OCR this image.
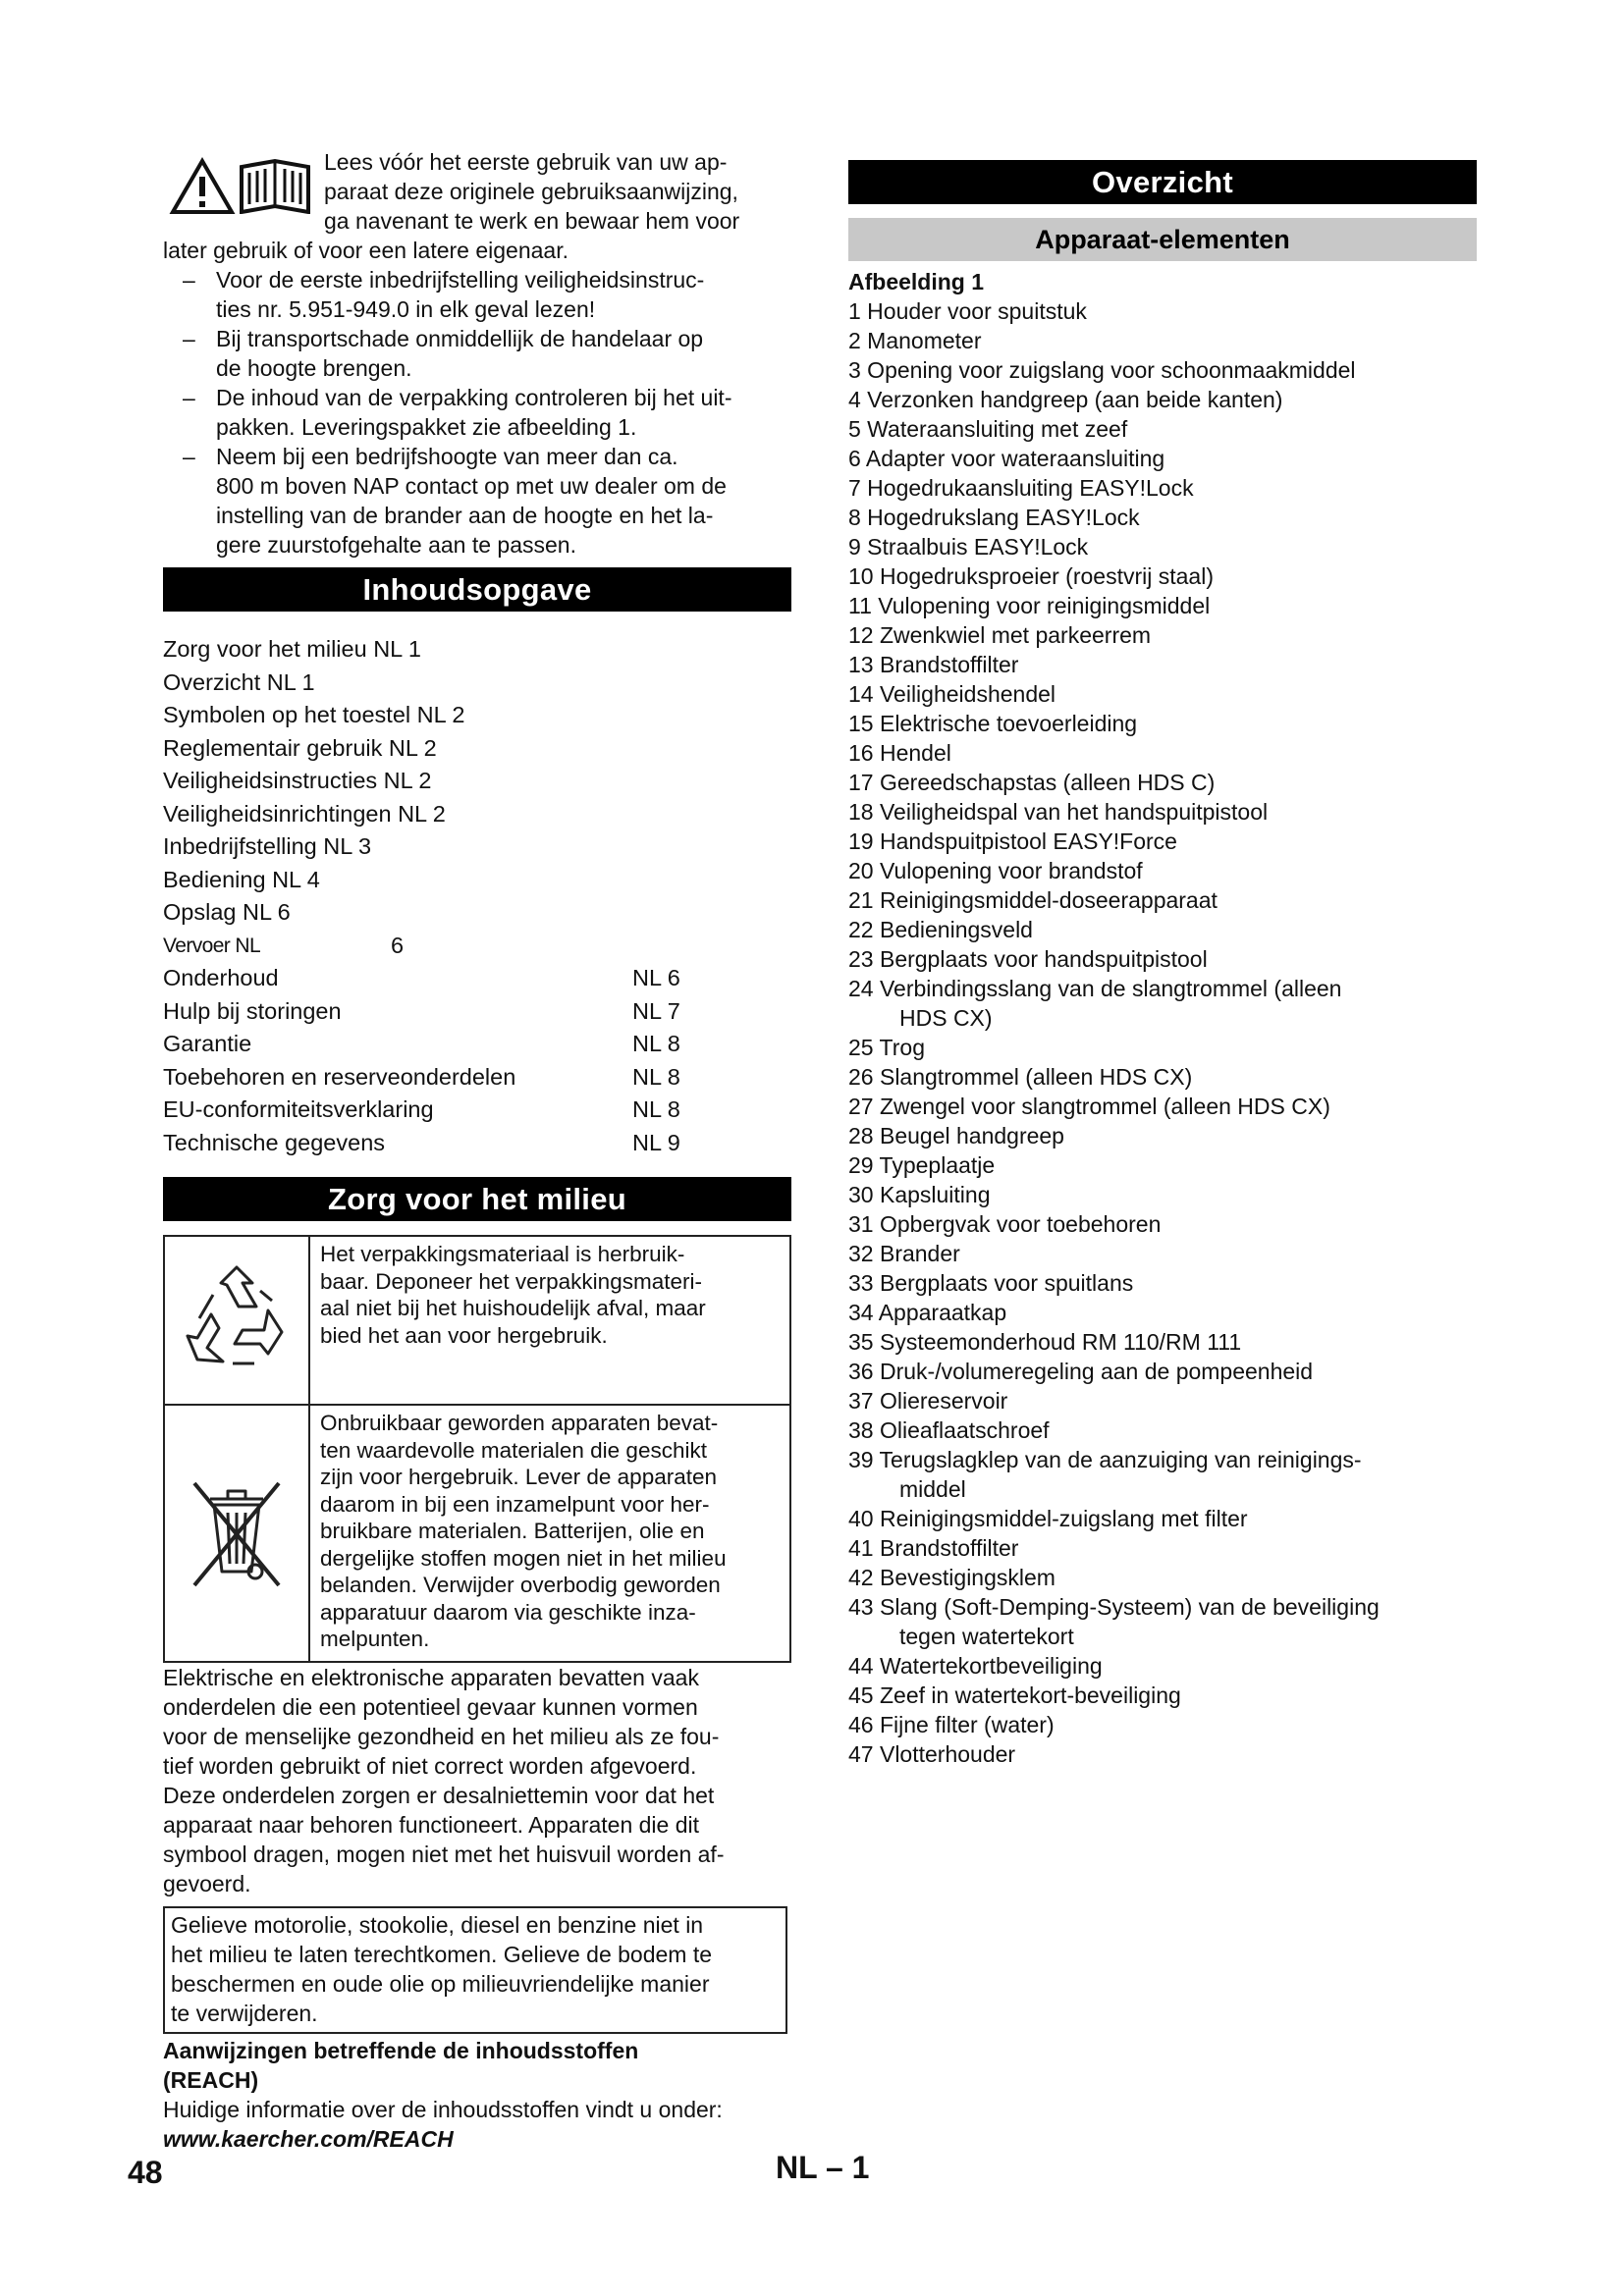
Lees vóór het eerste gebruik van uw ap-
paraat deze originele gebruiksaanwijzing,
ga navenant te werk en bewaar hem voor
later gebruik of voor een latere eigenaar.
– Voor de eerste inbedrijfstelling veiligheidsinstruc-
ties nr. 5.951-949.0 in elk geval lezen!
– Bij transportschade onmiddellijk de handelaar op
de hoogte brengen.
– De inhoud van de verpakking controleren bij het uit-
pakken. Leveringspakket zie afbeelding 1.
– Neem bij een bedrijfshoogte van meer dan ca.
800 m boven NAP contact op met uw dealer om de
instelling van de brander aan de hoogte en het la-
gere zuurstofgehalte aan te passen.
Inhoudsopgave
Zorg voor het milieu NL 1
Overzicht NL 1
Symbolen op het toestel NL 2
Reglementair gebruik NL 2
Veiligheidsinstructies NL 2
Veiligheidsinrichtingen NL 2
Inbedrijfstelling NL 3
Bediening NL 4
Opslag NL 6
Vervoer NL	6
Onderhoud	NL 6
Hulp bij storingen	NL 7
Garantie	NL 8
Toebehoren en reserveonderdelen	NL 8
EU-conformiteitsverklaring	NL 8
Technische gegevens	NL 9
Zorg voor het milieu
Het verpakkingsmateriaal is herbruik-
baar. Deponeer het verpakkingsmateri-
aal niet bij het huishoudelijk afval, maar
bied het aan voor hergebruik.
Onbruikbaar geworden apparaten bevat-
ten waardevolle materialen die geschikt
zijn voor hergebruik. Lever de apparaten
daarom in bij een inzamelpunt voor her-
bruikbare materialen. Batterijen, olie en
dergelijke stoffen mogen niet in het milieu
belanden. Verwijder overbodig geworden
apparatuur daarom via geschikte inza-
melpunten.
Elektrische en elektronische apparaten bevatten vaak
onderdelen die een potentieel gevaar kunnen vormen
voor de menselijke gezondheid en het milieu als ze fou-
tief worden gebruikt of niet correct worden afgevoerd.
Deze onderdelen zorgen er desalniettemin voor dat het
apparaat naar behoren functioneert. Apparaten die dit
symbool dragen, mogen niet met het huisvuil worden af-
gevoerd.
Gelieve motorolie, stookolie, diesel en benzine niet in
het milieu te laten terechtkomen. Gelieve de bodem te
beschermen en oude olie op milieuvriendelijke manier
te verwijderen.
Aanwijzingen betreffende de inhoudsstoffen
(REACH)
Huidige informatie over de inhoudsstoffen vindt u onder:
www.kaercher.com/REACH
Overzicht
Apparaat-elementen
Afbeelding 1
1 Houder voor spuitstuk
2 Manometer
3 Opening voor zuigslang voor schoonmaakmiddel
4 Verzonken handgreep (aan beide kanten)
5 Wateraansluiting met zeef
6 Adapter voor wateraansluiting
7 Hogedrukaansluiting EASY!Lock
8 Hogedrukslang EASY!Lock
9 Straalbuis EASY!Lock
10 Hogedruksproeier (roestvrij staal)
11 Vulopening voor reinigingsmiddel
12 Zwenkwiel met parkeerrem
13 Brandstoffilter
14 Veiligheidshendel
15 Elektrische toevoerleiding
16 Hendel
17 Gereedschapstas (alleen HDS C)
18 Veiligheidspal van het handspuitpistool
19 Handspuitpistool EASY!Force
20 Vulopening voor brandstof
21 Reinigingsmiddel-doseerapparaat
22 Bedieningsveld
23 Bergplaats voor handspuitpistool
24 Verbindingsslang van de slangtrommel (alleen
HDS CX)
25 Trog
26 Slangtrommel (alleen HDS CX)
27 Zwengel voor slangtrommel (alleen HDS CX)
28 Beugel handgreep
29 Typeplaatje
30 Kapsluiting
31 Opbergvak voor toebehoren
32 Brander
33 Bergplaats voor spuitlans
34 Apparaatkap
35 Systeemonderhoud RM 110/RM 111
36 Druk-/volumeregeling aan de pompeenheid
37 Oliereservoir
38 Olieaflaatschroef
39 Terugslagklep van de aanzuiging van reinigings-
middel
40 Reinigingsmiddel-zuigslang met filter
41 Brandstoffilter
42 Bevestigingsklem
43 Slang (Soft-Demping-Systeem) van de beveiliging
tegen watertekort
44 Watertekortbeveiliging
45 Zeef in watertekort-beveiliging
46 Fijne filter (water)
47 Vlotterhouder
48	NL – 1
